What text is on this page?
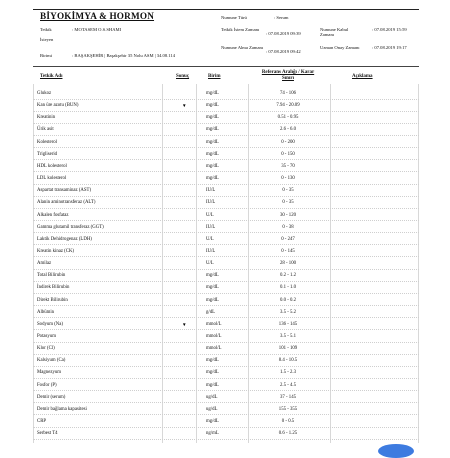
BİYOKİMYA & HORMON
Tetkik	: MOTASEM O.S.SHAMI
İsteyen
Birimi	: BAŞAKŞEHİR | Başakşehir 35 Nolu ASM | 34.08.114
Numune Türü	: Serum
Tetkik İstem Zamanı
: 07.08.2019 09:39
Numune Alma Zamanı
: 07.08.2019 09:42
Numune Kabul Zamanı
: 07.08.2019 15:59
Uzman Onay Zamanı	: 07.08.2019 19:17
Tetkik Adı	Sonuç	Birim
Referans Aralığı / Karar Sınırı	Açıklama
Glukoz	mg/dL	74 - 106
Kan üre azotu (BUN)	▼	mg/dL	7.94 - 20.09
Kreatinin	mg/dL	0.51 - 0.95
Ürik asit	mg/dL	2.6 - 6.0
Kolesterol	mg/dL	0 - 200
Trigliserid	mg/dL	0 - 150
HDL kolesterol	mg/dL	35 - 70
LDL kolesterol	mg/dL	0 - 130
Aspartat transaminaz (AST)	IU/L	0 - 35
Alanin aminotransferaz (ALT)	IU/L	0 - 35
Alkalen fosfataz	U/L	30 - 120
Gamma glutamil transferaz (GGT)	IU/L	0 - 38
Laktik Dehidrogenaz (LDH)	U/L	0 - 247
Kreatin kinaz (CK)	IU/L	0 - 145
Amilaz	U/L	28 - 100
Total Bilirubin	mg/dL	0.2 - 1.2
İndirek Bilirubin	mg/dL	0.1 - 1.0
Direkt Bilirubin	mg/dL	0.0 - 0.2
Albümin	g/dL	3.5 - 5.2
Sodyum (Na)	▼	mmol/L	136 - 145
Potasyum	mmol/L	3.5 - 5.1
Klor (Cl)	mmol/L	101 - 109
Kalsiyum (Ca)	mg/dL	8.4 - 10.5
Magnezyum	mg/dL	1.5 - 2.3
Fosfor (P)	mg/dL	2.5 - 4.5
Demir (serum)	ug/dL	37 - 145
Demir bağlama kapasitesi	ug/dL	155 - 355
CRP	mg/dL	0 - 0.5
Serbest T4	ng/mL	0.6 - 1.25
